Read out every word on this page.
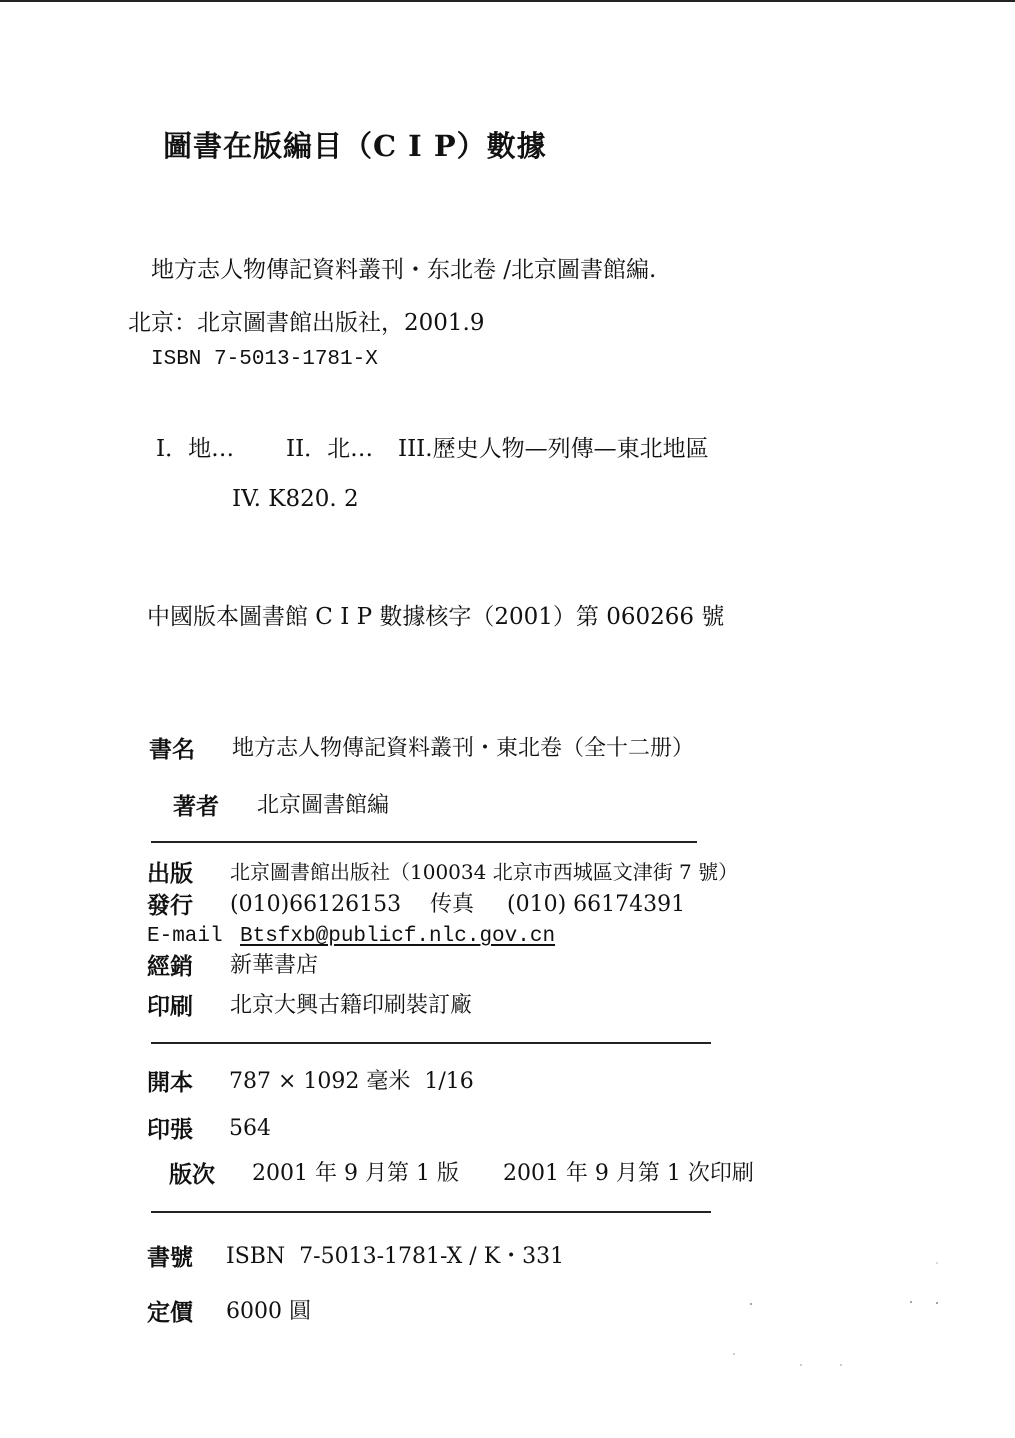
圖書在版編目（C I P）數據
地方志人物傳記資料叢刊・东北卷 /北京圖書館編.
北京：北京圖書館出版社，2001.9
ISBN 7-5013-1781-X
I．地… II．北… III.歷史人物—列傳—東北地區
IV. K820. 2
中國版本圖書館 C I P 數據核字（2001）第 060266 號
書名 地方志人物傳記資料叢刊・東北卷（全十二册）
著者 北京圖書館編
出版 北京圖書館出版社（100034 北京市西城區文津街 7 號）
發行 (010)66126153 传真 (010) 66174391
E-mail Btsfxb@publicf.nlc.gov.cn
經銷 新華書店
印刷 北京大興古籍印刷裝訂廠
開本 787 × 1092 毫米  1/16
印張 564
版次 2001 年 9 月第 1 版　　2001 年 9 月第 1 次印刷
書號 ISBN  7-5013-1781-X / K・331
定價 6000 圓
